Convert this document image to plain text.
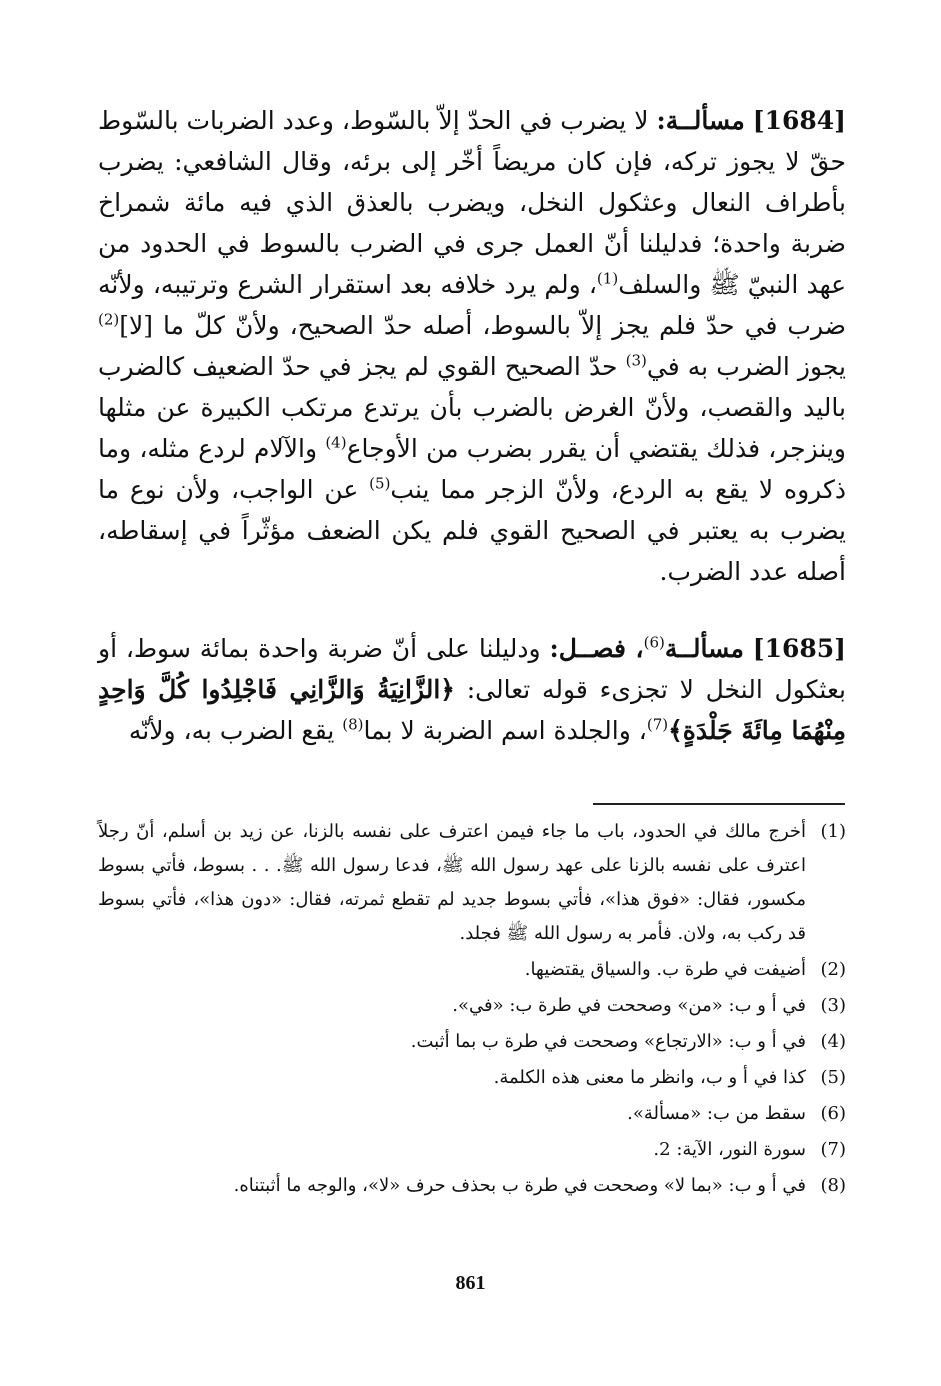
[1684] مسألــة: لا يضرب في الحدّ إلاّ بالسّوط، وعدد الضربات بالسّوط حقّ لا يجوز تركه، فإن كان مريضاً أخّر إلى برئه، وقال الشافعي: يضرب بأطراف النعال وعثكول النخل، ويضرب بالعذق الذي فيه مائة شمراخ ضربة واحدة؛ فدليلنا أنّ العمل جرى في الضرب بالسوط في الحدود من عهد النبيّ ﷺ والسلف$^{(1)}$، ولم يرد خلافه بعد استقرار الشرع وترتيبه، ولأنّه ضرب في حدّ فلم يجز إلاّ بالسوط، أصله حدّ الصحيح، ولأنّ كلّ ما [لا]$^{(2)}$ يجوز الضرب به في$^{(3)}$ حدّ الصحيح القوي لم يجز في حدّ الضعيف كالضرب باليد والقصب، ولأنّ الغرض بالضرب بأن يرتدع مرتكب الكبيرة عن مثلها وينزجر، فذلك يقتضي أن يقرر بضرب من الأوجاع$^{(4)}$ والآلام لردع مثله، وما ذكروه لا يقع به الردع، ولأنّ الزجر مما ينب$^{(5)}$ عن الواجب، ولأن نوع ما يضرب به يعتبر في الصحيح القوي فلم يكن الضعف مؤثّراً في إسقاطه، أصله عدد الضرب.

[1685] مسألــة$^{(6)}$، فصــل: ودليلنا على أنّ ضربة واحدة بمائة سوط، أو بعثكول النخل لا تجزىء قوله تعالى: ﴿الزَّانِيَةُ وَالزَّانِي فَاجْلِدُوا كُلَّ وَاحِدٍ مِنْهُمَا مِائَةَ جَلْدَةٍ﴾$^{(7)}$، والجلدة اسم الضربة لا بما$^{(8)}$ يقع الضرب به، ولأنّه

(1)
أخرج مالك في الحدود، باب ما جاء فيمن اعترف على نفسه بالزنا، عن زيد بن أسلم، أنّ رجلاً اعترف على نفسه بالزنا على عهد رسول الله ﷺ، فدعا رسول الله ﷺ. . . بسوط، فأتي بسوط مكسور، فقال: «فوق هذا»، فأتي بسوط جديد لم تقطع ثمرته، فقال: «دون هذا»، فأتي بسوط قد ركب به، ولان. فأمر به رسول الله ﷺ فجلد.
(2)
أضيفت في طرة ب. والسياق يقتضيها.
(3)
في أ و ب: «من» وصححت في طرة ب: «في».
(4)
في أ و ب: «الارتجاع» وصححت في طرة ب بما أثبت.
(5)
كذا في أ و ب، وانظر ما معنى هذه الكلمة.
(6)
سقط من ب: «مسألة».
(7)
سورة النور، الآية: 2.
(8)
في أ و ب: «بما لا» وصححت في طرة ب بحذف حرف «لا»، والوجه ما أثبتناه.
861
